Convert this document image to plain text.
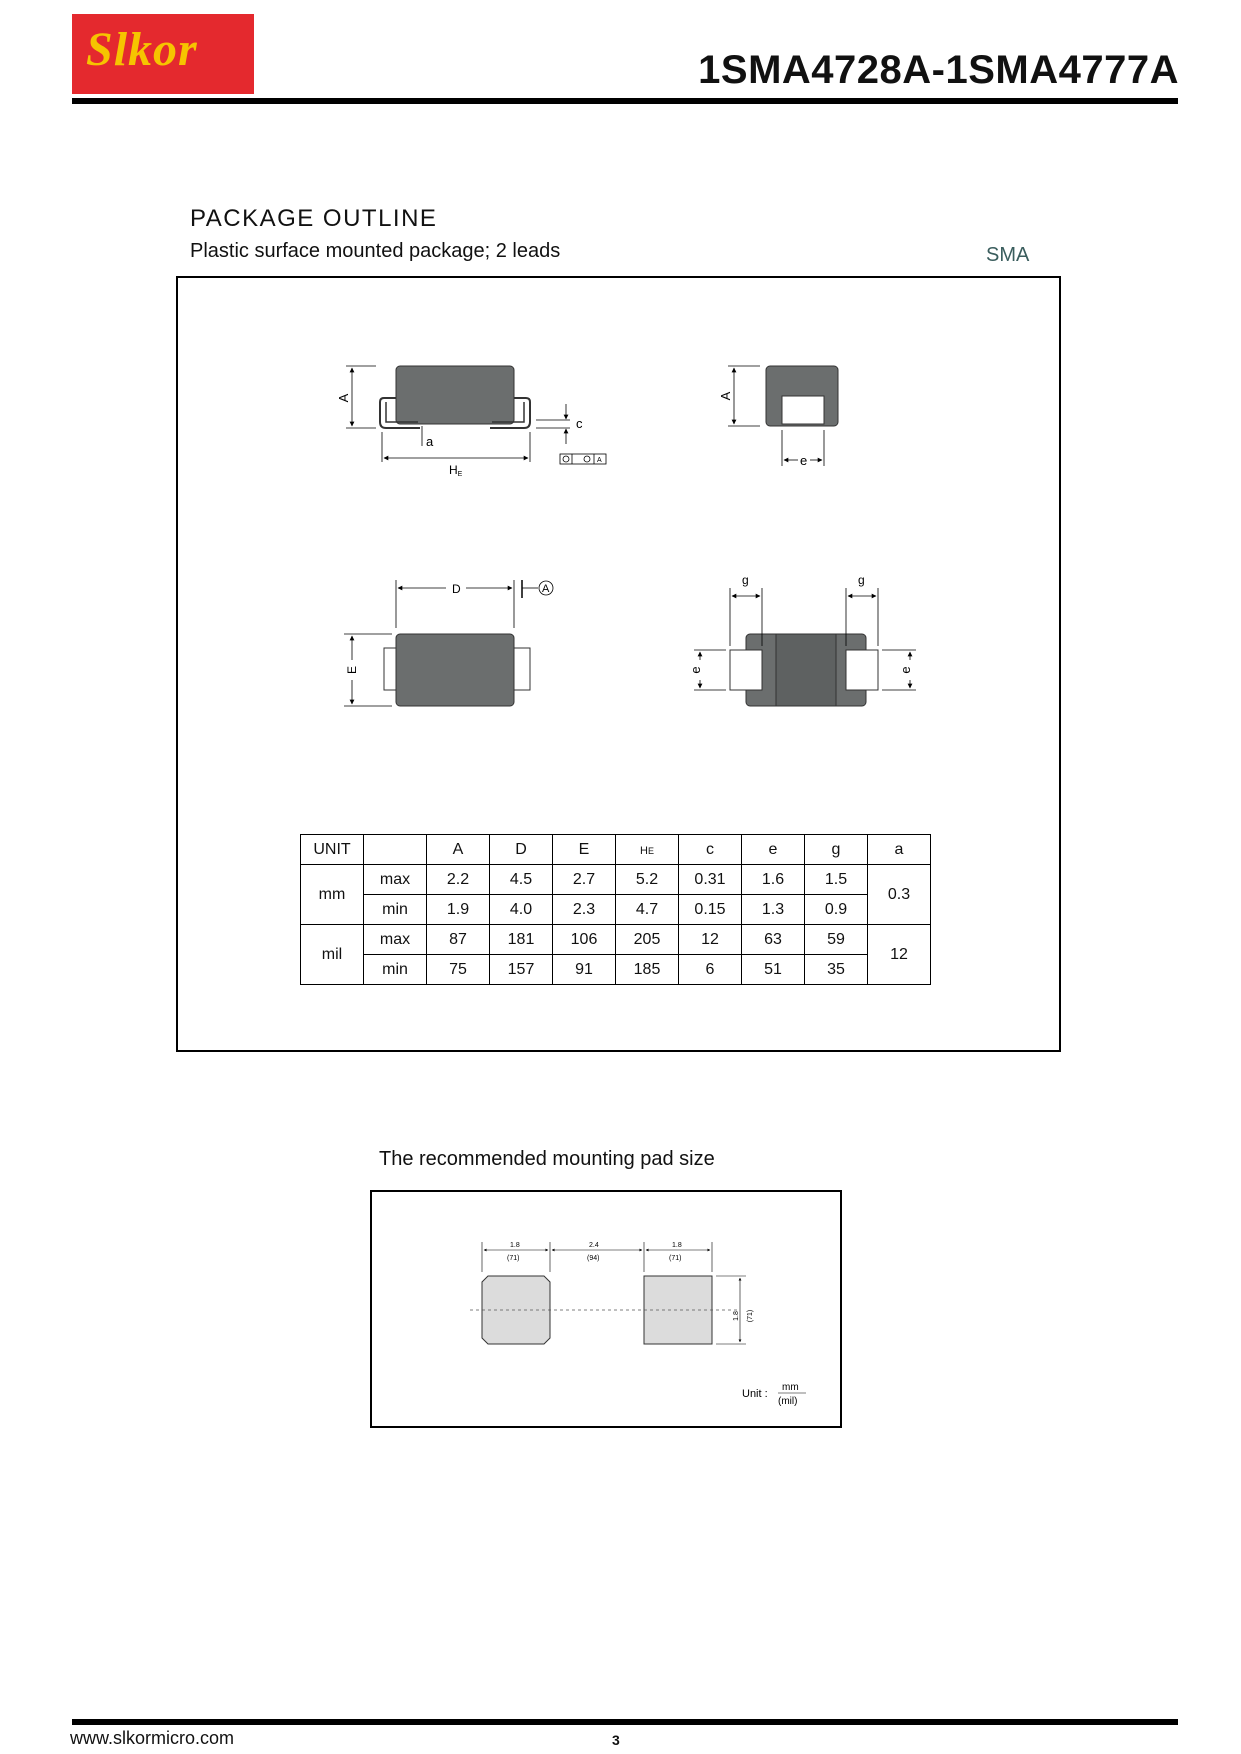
Slkor	1SMA4728A-1SMA4777A
PACKAGE OUTLINE
Plastic surface mounted package; 2 leads	SMA
A
a
HE
c
A
A
e
D	A
E
g	g
e	e
UNIT		A	D	E	HE	c	e	g	a
mm	max	2.2	4.5	2.7	5.2	0.31	1.6	1.5	0.3
	min	1.9	4.0	2.3	4.7	0.15	1.3	0.9	
mil	max	87	181	106	205	12	63	59	12
	min	75	157	91	185	6	51	35	
The recommended mounting pad size
1.8
(71)
2.4
(94)
1.8
(71)
1.8 (71)
Unit :
mm
(mil)
www.slkormicro.com	3
